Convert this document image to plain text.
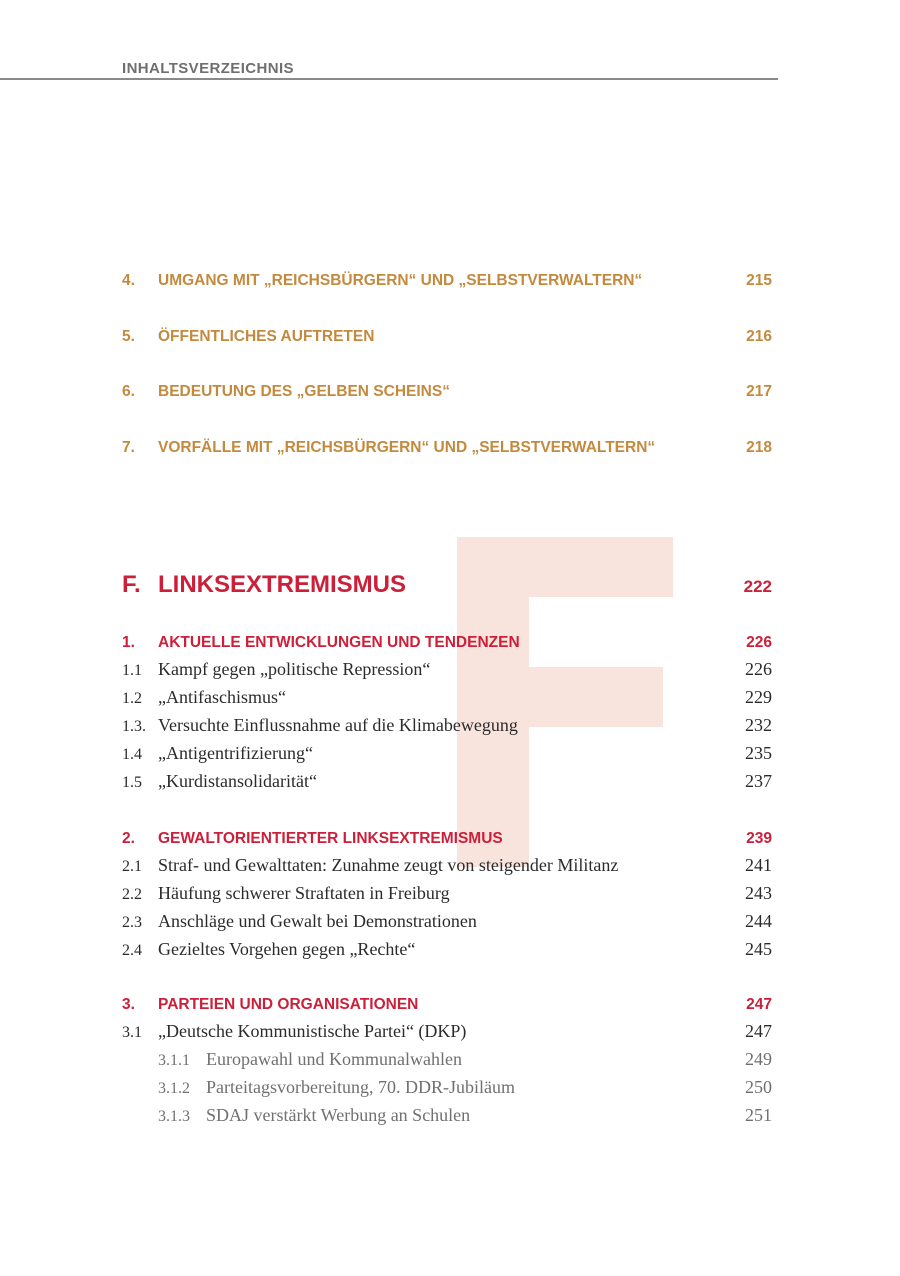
INHALTSVERZEICHNIS
4.	UMGANG MIT „REICHSBÜRGERN“ UND „SELBSTVERWALTERN“	215
5.	ÖFFENTLICHES AUFTRETEN	216
6.	BEDEUTUNG DES „GELBEN SCHEINS“	217
7.	VORFÄLLE MIT „REICHSBÜRGERN“ UND „SELBSTVERWALTERN“	218
F. LINKSEXTREMISMUS	222
1.	AKTUELLE ENTWICKLUNGEN UND TENDENZEN	226
1.1 Kampf gegen „politische Repression“	226
1.2 „Antifaschismus“	229
1.3. Versuchte Einflussnahme auf die Klimabewegung	232
1.4 „Antigentrifizierung“	235
1.5 „Kurdistansolidarität“	237
2.	GEWALTORIENTIERTER LINKSEXTREMISMUS	239
2.1 Straf- und Gewalttaten: Zunahme zeugt von steigender Militanz	241
2.2 Häufung schwerer Straftaten in Freiburg	243
2.3 Anschläge und Gewalt bei Demonstrationen	244
2.4 Gezieltes Vorgehen gegen „Rechte“	245
3.	PARTEIEN UND ORGANISATIONEN	247
3.1 „Deutsche Kommunistische Partei“ (DKP)	247
3.1.1 Europawahl und Kommunalwahlen	249
3.1.2 Parteitagsvorbereitung, 70. DDR-Jubiläum	250
3.1.3 SDAJ verstärkt Werbung an Schulen	251
